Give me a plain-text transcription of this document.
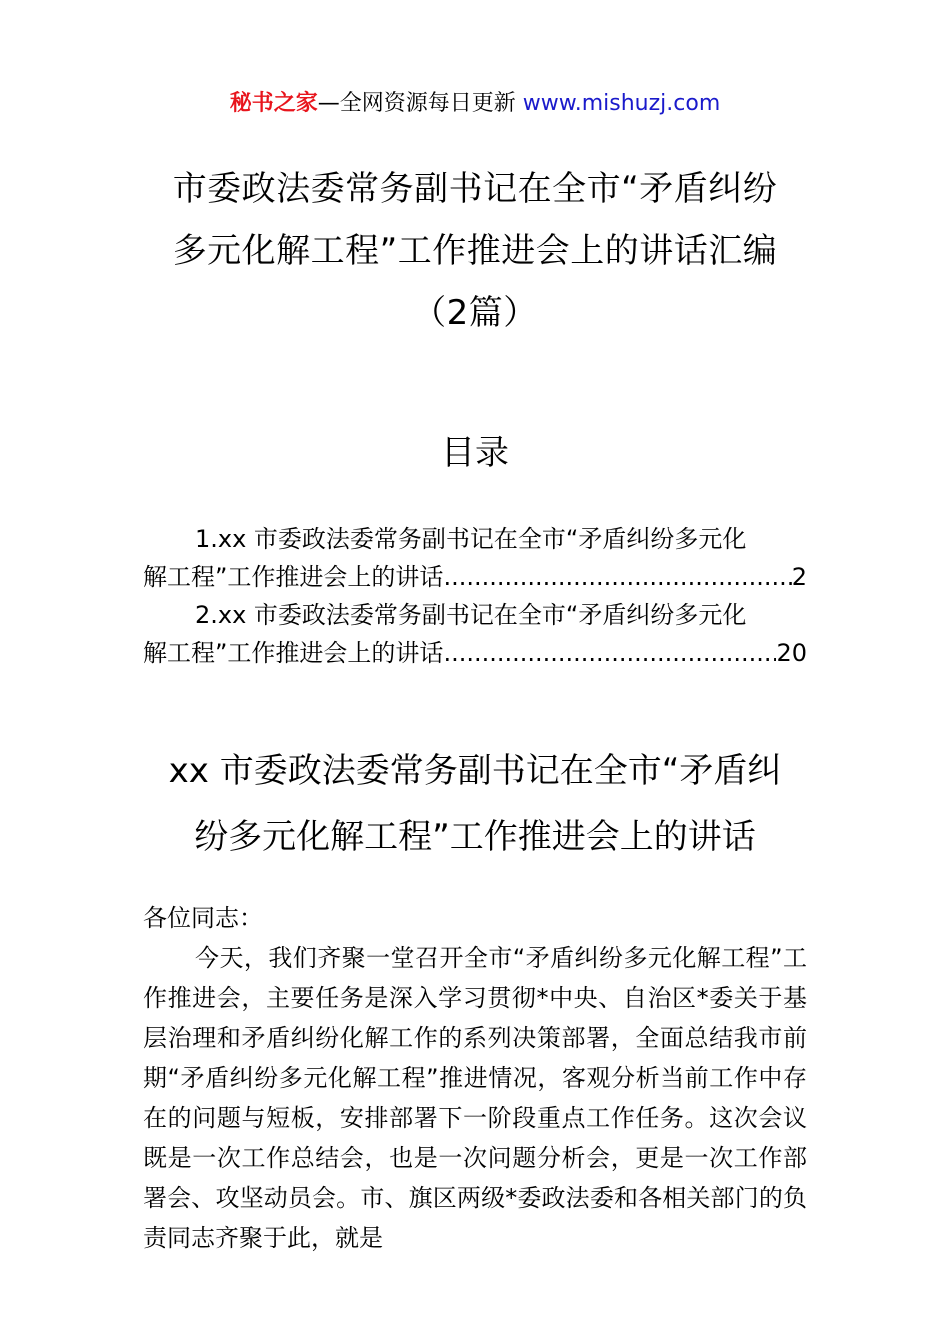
秘书之家—全网资源每日更新 www.mishuzj.com
市委政法委常务副书记在全市“矛盾纠纷
多元化解工程”工作推进会上的讲话汇编
（2篇）
目录
1.xx 市委政法委常务副书记在全市“矛盾纠纷多元化
解工程”工作推进会上的讲话 .....	2
2.xx 市委政法委常务副书记在全市“矛盾纠纷多元化
解工程”工作推进会上的讲话 .....	20
xx 市委政法委常务副书记在全市“矛盾纠
纷多元化解工程”工作推进会上的讲话
各位同志：
今天，我们齐聚一堂召开全市“矛盾纠纷多元化解工程”工作推进会，主要任务是深入学习贯彻*中央、自治区*委关于基层治理和矛盾纠纷化解工作的系列决策部署，全面总结我市前期“矛盾纠纷多元化解工程”推进情况，客观分析当前工作中存在的问题与短板，安排部署下一阶段重点工作任务。这次会议既是一次工作总结会，也是一次问题分析会，更是一次工作部署会、攻坚动员会。市、旗区两级*委政法委和各相关部门的负责同志齐聚于此，就是
